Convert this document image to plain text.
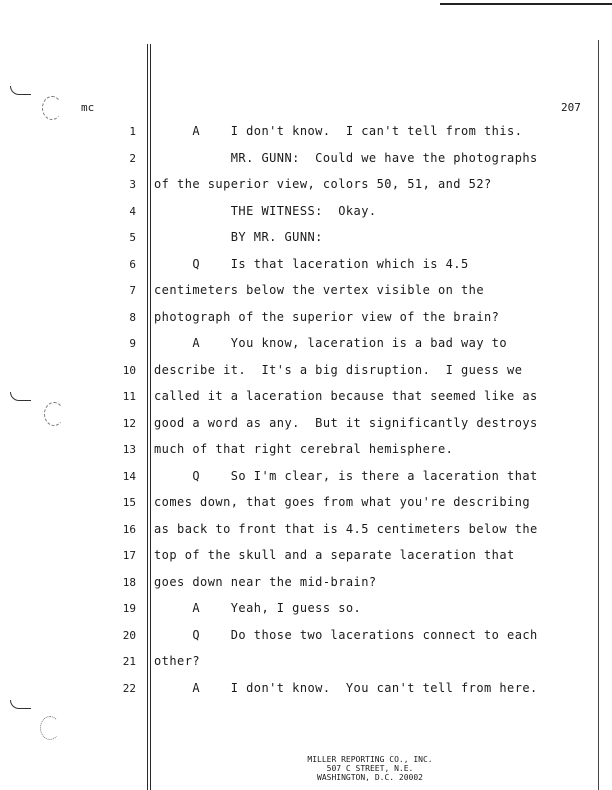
mc	207
1 A    I don't know.  I can't tell from this.
2 MR. GUNN:  Could we have the photographs
3 of the superior view, colors 50, 51, and 52?
4 THE WITNESS:  Okay.
5 BY MR. GUNN:
6 Q    Is that laceration which is 4.5
7 centimeters below the vertex visible on the
8 photograph of the superior view of the brain?
9 A    You know, laceration is a bad way to
10 describe it.  It's a big disruption.  I guess we
11 called it a laceration because that seemed like as
12 good a word as any.  But it significantly destroys
13 much of that right cerebral hemisphere.
14 Q    So I'm clear, is there a laceration that
15 comes down, that goes from what you're describing
16 as back to front that is 4.5 centimeters below the
17 top of the skull and a separate laceration that
18 goes down near the mid-brain?
19 A    Yeah, I guess so.
20 Q    Do those two lacerations connect to each
21 other?
22 A    I don't know.  You can't tell from here.
MILLER REPORTING CO., INC.
507 C STREET, N.E.
WASHINGTON, D.C. 20002
